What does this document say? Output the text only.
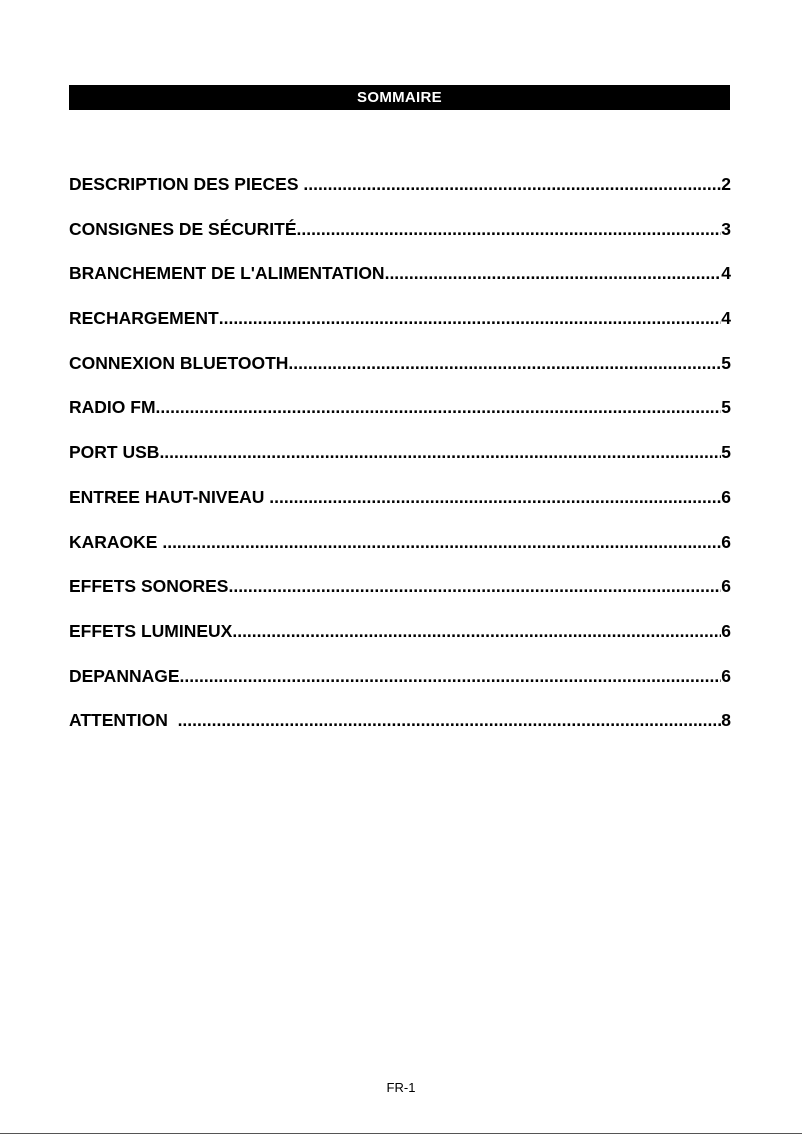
SOMMAIRE
DESCRIPTION DES PIECES .....	2
CONSIGNES DE SÉCURITÉ .....	3
BRANCHEMENT DE L'ALIMENTATION .....	4
RECHARGEMENT .....	4
CONNEXION BLUETOOTH .....	5
RADIO FM .....	5
PORT USB .....	5
ENTREE HAUT-NIVEAU .....	6
KARAOKE .....	6
EFFETS SONORES .....	6
EFFETS LUMINEUX .....	6
DEPANNAGE .....	6
ATTENTION .....	8
FR-1
